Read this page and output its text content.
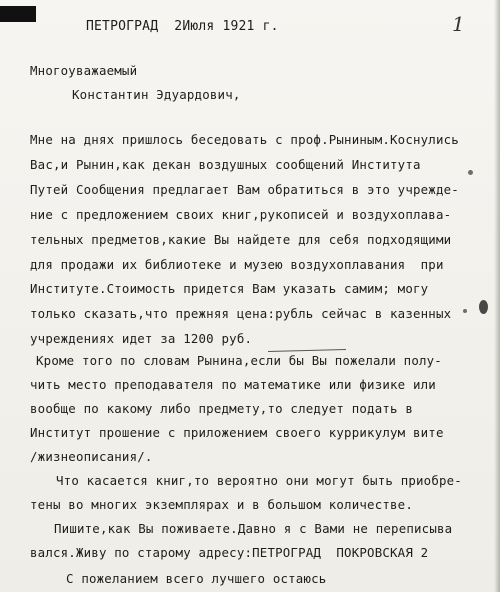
ПЕТРОГРАД  2Июля 1921 г.	1
Многоуважаемый
Константин Эдуардович,
Мне на днях пришлось беседовать с проф.Рыниным.Коснулись
Вас,и Рынин,как декан воздушных сообщений Института
Путей Сообщения предлагает Вам обратиться в это учрежде-
ние с предложением своих книг,рукописей и воздухоплава-
тельных предметов,какие Вы найдете для себя подходящими
для продажи их библиотеке и музею воздухоплавания  при
Институте.Стоимость придется Вам указать самим; могу
только сказать,что прежняя цена:рубль сейчас в казенных
учреждениях идет за 1200 руб.
Кроме того по словам Рынина,если бы Вы пожелали полу-
чить место преподавателя по математике или физике или
вообще по какому либо предмету,то следует подать в
Институт прошение с приложением своего куррикулум вите
/жизнеописания/.
Что касается книг,то вероятно они могут быть приобре-
тены во многих экземплярах и в большом количестве.
Пишите,как Вы поживаете.Давно я с Вами не переписыва
вался.Живу по старому адресу:ПЕТРОГРАД  ПОКРОВСКАЯ 2
С пожеланием всего лучшего остаюсь
